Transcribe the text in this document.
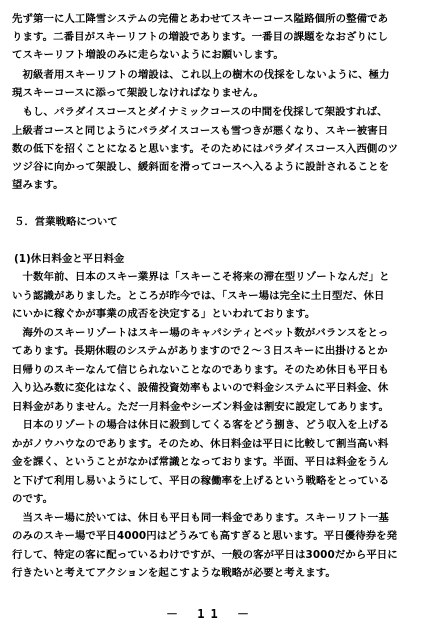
先ず第一に人工降雪システムの完備とあわせてスキーコース隘路個所の整備であ
ります。二番目がスキーリフトの増設であります。一番目の課題をなおざりにし
てスキーリフト増設のみに走らないようにお願いします。
　初級者用スキーリフトの増設は、これ以上の樹木の伐採をしないように、極力
現スキーコースに添って架設しなければなりません。
　もし、パラダイスコースとダイナミックコースの中間を伐採して架設すれば、
上級者コースと同じようにパラダイスコースも雪つきが悪くなり、スキー被害日
数の低下を招くことになると思います。そのためにはパラダイスコース入西側のツ
ツジ谷に向かって架設し、緩斜面を滑ってコースへ入るように設計されることを
望みます。
５．営業戦略について
(1)休日料金と平日料金
　十数年前、日本のスキー業界は「スキーこそ将来の滞在型リゾートなんだ」と
いう認識がありました。ところが昨今では、「スキー場は完全に土日型だ、休日
にいかに稼ぐかが事業の成否を決定する」といわれております。
　海外のスキーリゾートはスキー場のキャパシティとベット数がバランスをとっ
てあります。長期休暇のシステムがありますので２～３日スキーに出掛けるとか
日帰りのスキーなんて信じられないことなのであります。そのため休日も平日も
入り込み数に変化はなく、設備投資効率もよいので料金システムに平日料金、休
日料金がありません。ただ一月料金やシーズン料金は割安に設定してあります。
　日本のリゾートの場合は休日に殺到してくる客をどう捌き、どう収入を上げる
かがノウハウなのであります。そのため、休日料金は平日に比較して割当高い料
金を課く、ということがなかば常識となっております。半面、平日は料金をうん
と下げて利用し易いようにして、平日の稼働率を上げるという戦略をとっている
のです。
　当スキー場に於いては、休日も平日も同一料金であります。スキーリフト一基
のみのスキー場で平日4000円はどうみても高すぎると思います。平日優待券を発
行して、特定の客に配っているわけですが、一般の客が平日は3000だから平日に
行きたいと考えてアクションを起こすような戦略が必要と考えます。
－ 11 －
